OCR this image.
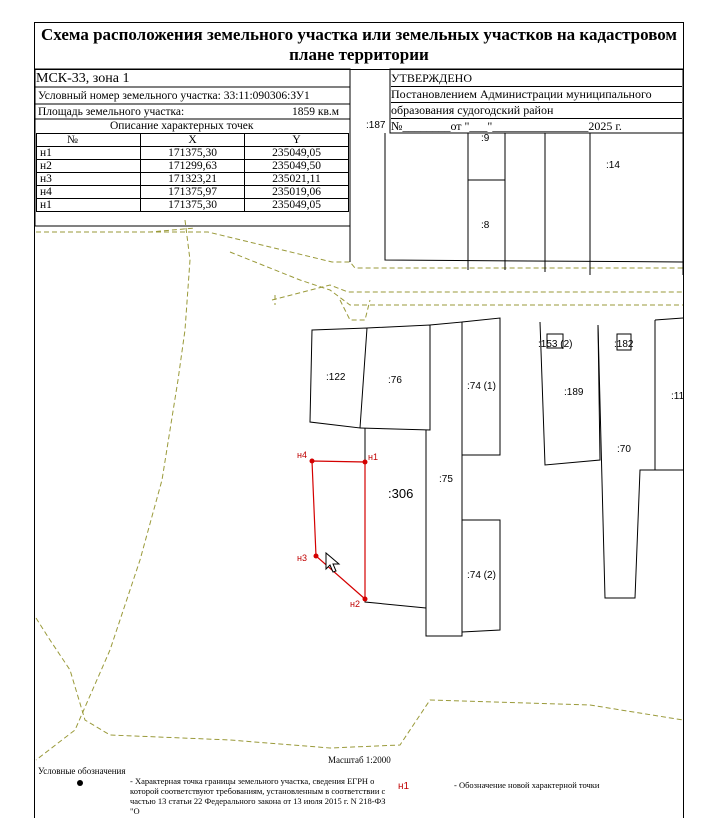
Схема расположения земельного участка или земельных участков на кадастровом плане территории
МСК-33, зона 1
Условный номер земельного участка: 33:11:090306:ЗУ1
Площадь земельного участка:	1859 кв.м
Описание характерных точек
№	X	Y
н1	171375,30	235049,05
н2	171299,63	235049,50
н3	171323,21	235021,11
н4	171375,97	235019,06
н1	171375,30	235049,05
УТВЕРЖДЕНО
Постановлением Администрации муниципального
образования судогодский район
№________от "___"________________2025 г.
:187
:9
:14
:8
:122	:76
:74 (1)
:153 (2)	:182
:189	:11
:70
:306
:75
:74 (2)
н4	н1
н2
н3
Масштаб 1:2000
Условные обозначения
- Характерная точка границы земельного участка, сведения ЕГРН о которой соответствуют требованиям, установленным в соответствии с частью 13 статьи 22 Федерального закона от 13 июля 2015 г. N 218-ФЗ "О
н1	- Обозначение новой характерной точки
